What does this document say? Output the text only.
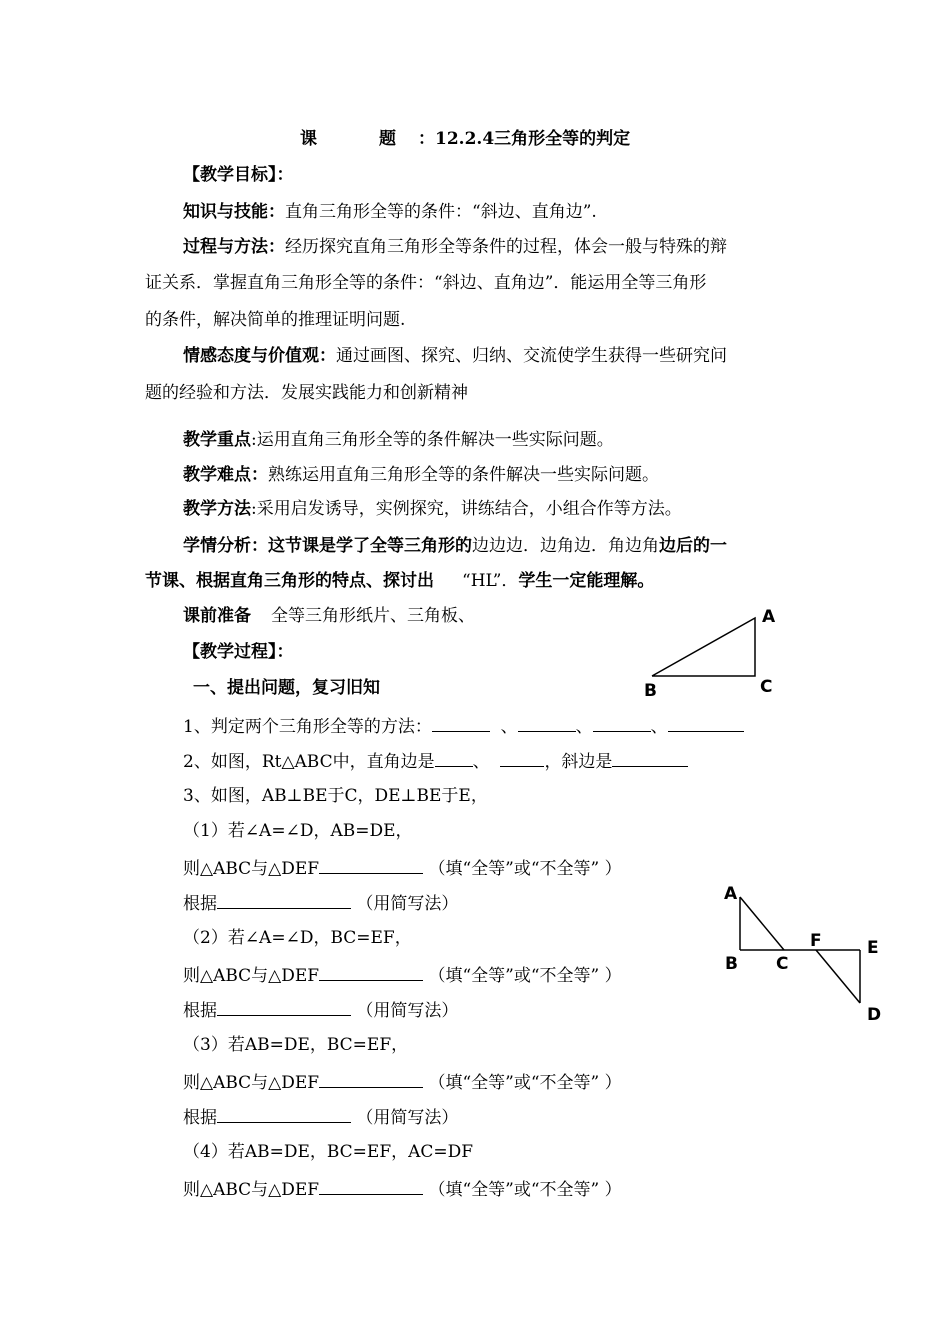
课	题 ：12.2.4三角形全等的判定
【教学目标】：
知识与技能：直角三角形全等的条件：“斜边、直角边”.
过程与方法：经历探究直角三角形全等条件的过程，体会一般与特殊的辩
证关系．掌握直角三角形全等的条件：“斜边、直角边”．能运用全等三角形
的条件，解决简单的推理证明问题.
情感态度与价值观：通过画图、探究、归纳、交流使学生获得一些研究问
题的经验和方法．发展实践能力和创新精神
教学重点:运用直角三角形全等的条件解决一些实际问题。
教学难点：熟练运用直角三角形全等的条件解决一些实际问题。
教学方法:采用启发诱导，实例探究，讲练结合，小组合作等方法。
学情分析：这节课是学了全等三角形的边边边．边角边．角边角边后的一
节课、根据直角三角形的特点、探讨出 “HL”．学生一定能理解。
课前准备 全等三角形纸片、三角板、
【教学过程】：
一、提出问题，复习旧知
1、判定两个三角形全等的方法：	、	、	、
2、如图，Rt△ABC中，直角边是 、	，斜边是
3、如图，AB⊥BE于C，DE⊥BE于E，
（1）若∠A=∠D，AB=DE，
则△ABC与△DEF	（填“全等”或“不全等” ）
根据	（用简写法）
（2）若∠A=∠D，BC=EF，
则△ABC与△DEF	（填“全等”或“不全等” ）
根据	（用简写法）
（3）若AB=DE，BC=EF，
则△ABC与△DEF	（填“全等”或“不全等” ）
根据	（用简写法）
（4）若AB=DE，BC=EF，AC=DF
则△ABC与△DEF	（填“全等”或“不全等” ）
A
B	C
A
B C
F	E
D
